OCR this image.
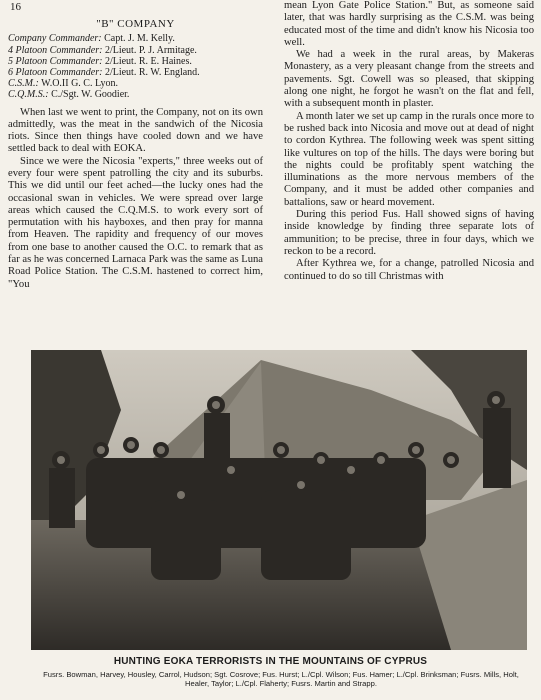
16
"B" COMPANY
Company Commander: Capt. J. M. Kelly.
4 Platoon Commander: 2/Lieut. P. J. Armitage.
5 Platoon Commander: 2/Lieut. R. E. Haines.
6 Platoon Commander: 2/Lieut. R. W. England.
C.S.M.: W.O.II G. C. Lyon.
C.Q.M.S.: C./Sgt. W. Goodier.

When last we went to print, the Company, not on its own admittedly, was the meat in the sandwich of the Nicosia riots. Since then things have cooled down and we have settled back to deal with EOKA.

Since we were the Nicosia "experts," three weeks out of every four were spent patrolling the city and its suburbs. This we did until our feet ached—the lucky ones had the occasional swan in vehicles. We were spread over large areas which caused the C.Q.M.S. to work every sort of permutation with his hayboxes, and then pray for manna from Heaven. The rapidity and frequency of our moves from one base to another caused the O.C. to remark that as far as he was concerned Larnaca Park was the same as Luna Road Police Station. The C.S.M. hastened to correct him, "You

mean Lyon Gate Police Station." But, as someone said later, that was hardly surprising as the C.S.M. was being educated most of the time and didn't know his Nicosia too well.

We had a week in the rural areas, by Makeras Monastery, as a very pleasant change from the streets and pavements. Sgt. Cowell was so pleased, that skipping along one night, he forgot he wasn't on the flat and fell, with a subsequent month in plaster.

A month later we set up camp in the rurals once more to be rushed back into Nicosia and move out at dead of night to cordon Kythrea. The following week was spent sitting like vultures on top of the hills. The days were boring but the nights could be profitably spent watching the illuminations as the more nervous members of the Company, and it must be added other companies and battalions, saw or heard movement.

During this period Fus. Hall showed signs of having inside knowledge by finding three separate lots of ammunition; to be precise, three in four days, which we reckon to be a record.

After Kythrea we, for a change, patrolled Nicosia and continued to do so till Christmas with

HUNTING EOKA TERRORISTS IN THE MOUNTAINS OF CYPRUS
Fusrs. Bowman, Harvey, Housley, Carrol, Hudson; Sgt. Cosrove; Fus. Hurst; L./Cpl. Wilson; Fus. Hamer; L./Cpl. Brinksman; Fusrs. Mills, Holt, Healer, Taylor; L./Cpl. Flaherty; Fusrs. Martin and Strapp.
